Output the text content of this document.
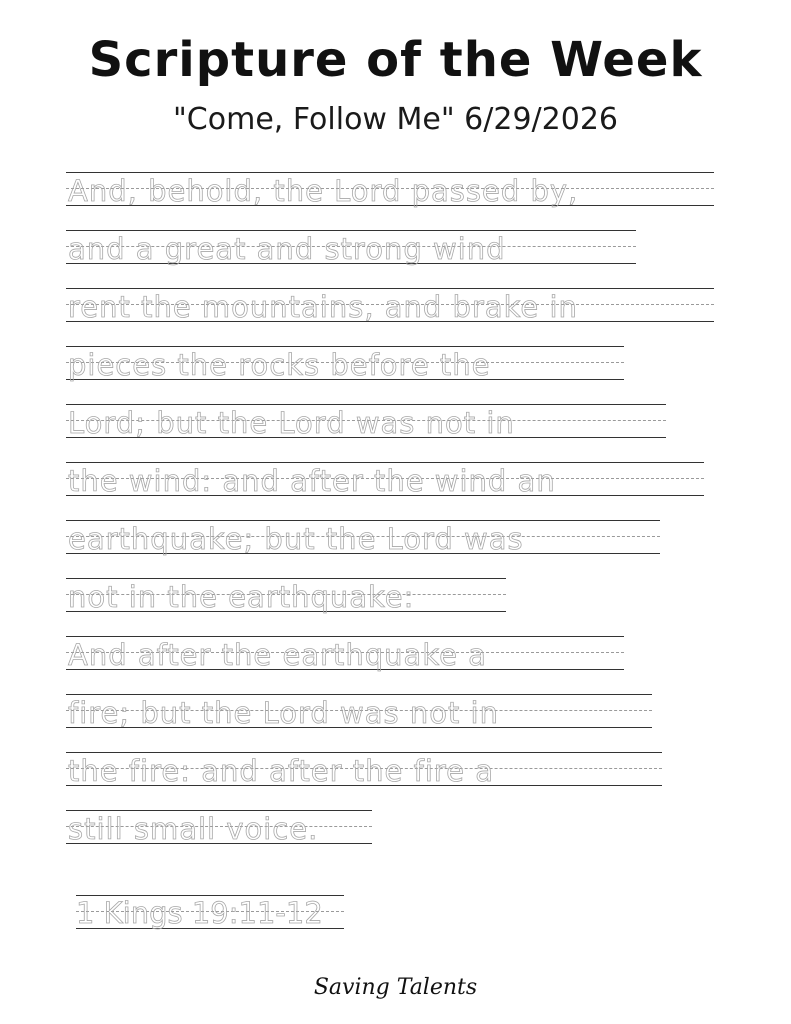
Scripture of the Week
"Come, Follow Me" 6/29/2026
And, behold, the Lord passed by,
and a great and strong wind
rent the mountains, and brake in
pieces the rocks before the
Lord; but the Lord was not in
the wind: and after the wind an
earthquake; but the Lord was
not in the earthquake:
And after the earthquake a
fire; but the Lord was not in
the fire: and after the fire a
still small voice.
1 Kings 19:11-12
Saving Talents
